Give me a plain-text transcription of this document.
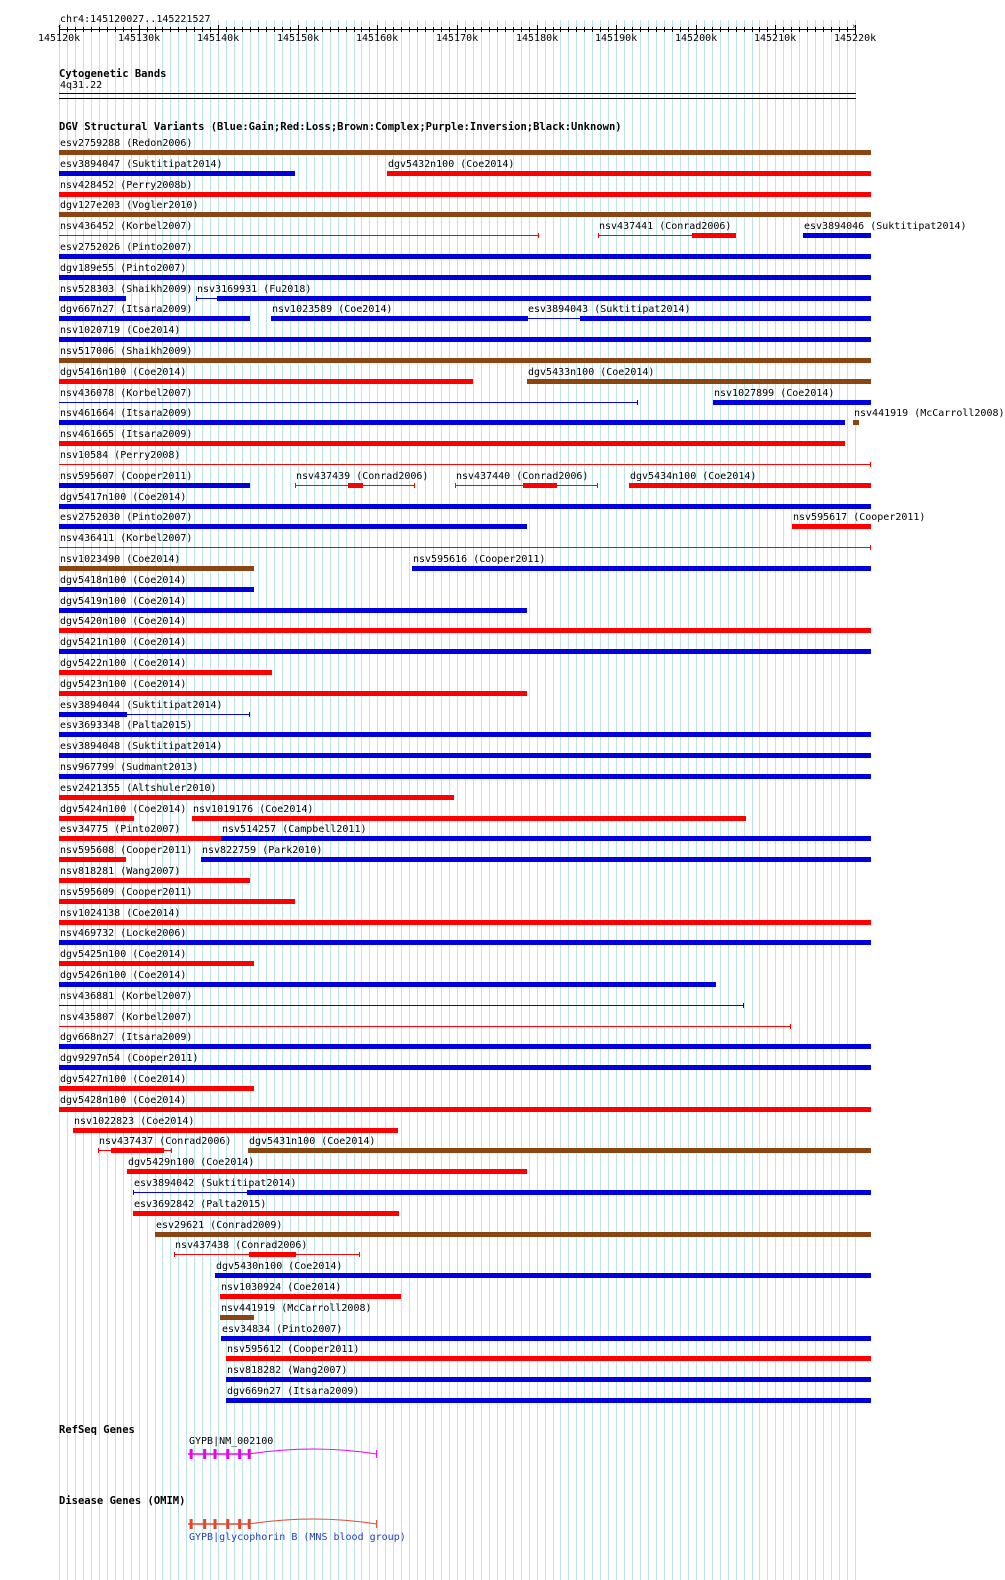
chr4:145120027..145221527
145120k	145130k	145140k	145150k	145160k	145170k	145180k	145190k	145200k	145210k	145220k
‹	›
Cytogenetic Bands
4q31.22
DGV Structural Variants (Blue:Gain;Red:Loss;Brown:Complex;Purple:Inversion;Black:Unknown)
esv2759288 (Redon2006)
esv3894047 (Suktitipat2014)	dgv5432n100 (Coe2014)
nsv428452 (Perry2008b)
dgv127e203 (Vogler2010)
nsv436452 (Korbel2007)	nsv437441 (Conrad2006)	esv3894046 (Suktitipat2014)
esv2752026 (Pinto2007)
dgv189e55 (Pinto2007)
nsv528303 (Shaikh2009) nsv3169931 (Fu2018)
dgv667n27 (Itsara2009)	nsv1023589 (Coe2014)	esv3894043 (Suktitipat2014)
nsv1020719 (Coe2014)
nsv517006 (Shaikh2009)
dgv5416n100 (Coe2014)	dgv5433n100 (Coe2014)
nsv436078 (Korbel2007)	nsv1027899 (Coe2014)
nsv461664 (Itsara2009)	nsv441919 (McCarroll2008)
nsv461665 (Itsara2009)
nsv10584 (Perry2008)
nsv595607 (Cooper2011)	nsv437439 (Conrad2006)	nsv437440 (Conrad2006)	dgv5434n100 (Coe2014)
dgv5417n100 (Coe2014)
esv2752030 (Pinto2007)	nsv595617 (Cooper2011)
nsv436411 (Korbel2007)
nsv1023490 (Coe2014)	nsv595616 (Cooper2011)
dgv5418n100 (Coe2014)
dgv5419n100 (Coe2014)
dgv5420n100 (Coe2014)
dgv5421n100 (Coe2014)
dgv5422n100 (Coe2014)
dgv5423n100 (Coe2014)
esv3894044 (Suktitipat2014)
esv3693348 (Palta2015)
esv3894048 (Suktitipat2014)
nsv967799 (Sudmant2013)
esv2421355 (Altshuler2010)
dgv5424n100 (Coe2014) nsv1019176 (Coe2014)
esv34775 (Pinto2007)	nsv514257 (Campbell2011)
nsv595608 (Cooper2011) nsv822759 (Park2010)
nsv818281 (Wang2007)
nsv595609 (Cooper2011)
nsv1024138 (Coe2014)
nsv469732 (Locke2006)
dgv5425n100 (Coe2014)
dgv5426n100 (Coe2014)
nsv436881 (Korbel2007)
nsv435807 (Korbel2007)
dgv668n27 (Itsara2009)
dgv9297n54 (Cooper2011)
dgv5427n100 (Coe2014)
dgv5428n100 (Coe2014)
nsv1022823 (Coe2014)
nsv437437 (Conrad2006) dgv5431n100 (Coe2014)
dgv5429n100 (Coe2014)
esv3894042 (Suktitipat2014)
esv3692842 (Palta2015)
esv29621 (Conrad2009)
nsv437438 (Conrad2006)
dgv5430n100 (Coe2014)
nsv1030924 (Coe2014)
nsv441919 (McCarroll2008)
esv34834 (Pinto2007)
nsv595612 (Cooper2011)
nsv818282 (Wang2007)
dgv669n27 (Itsara2009)
RefSeq Genes
GYPB|NM_002100
Disease Genes (OMIM)
GYPB|glycophorin B (MNS blood group)
